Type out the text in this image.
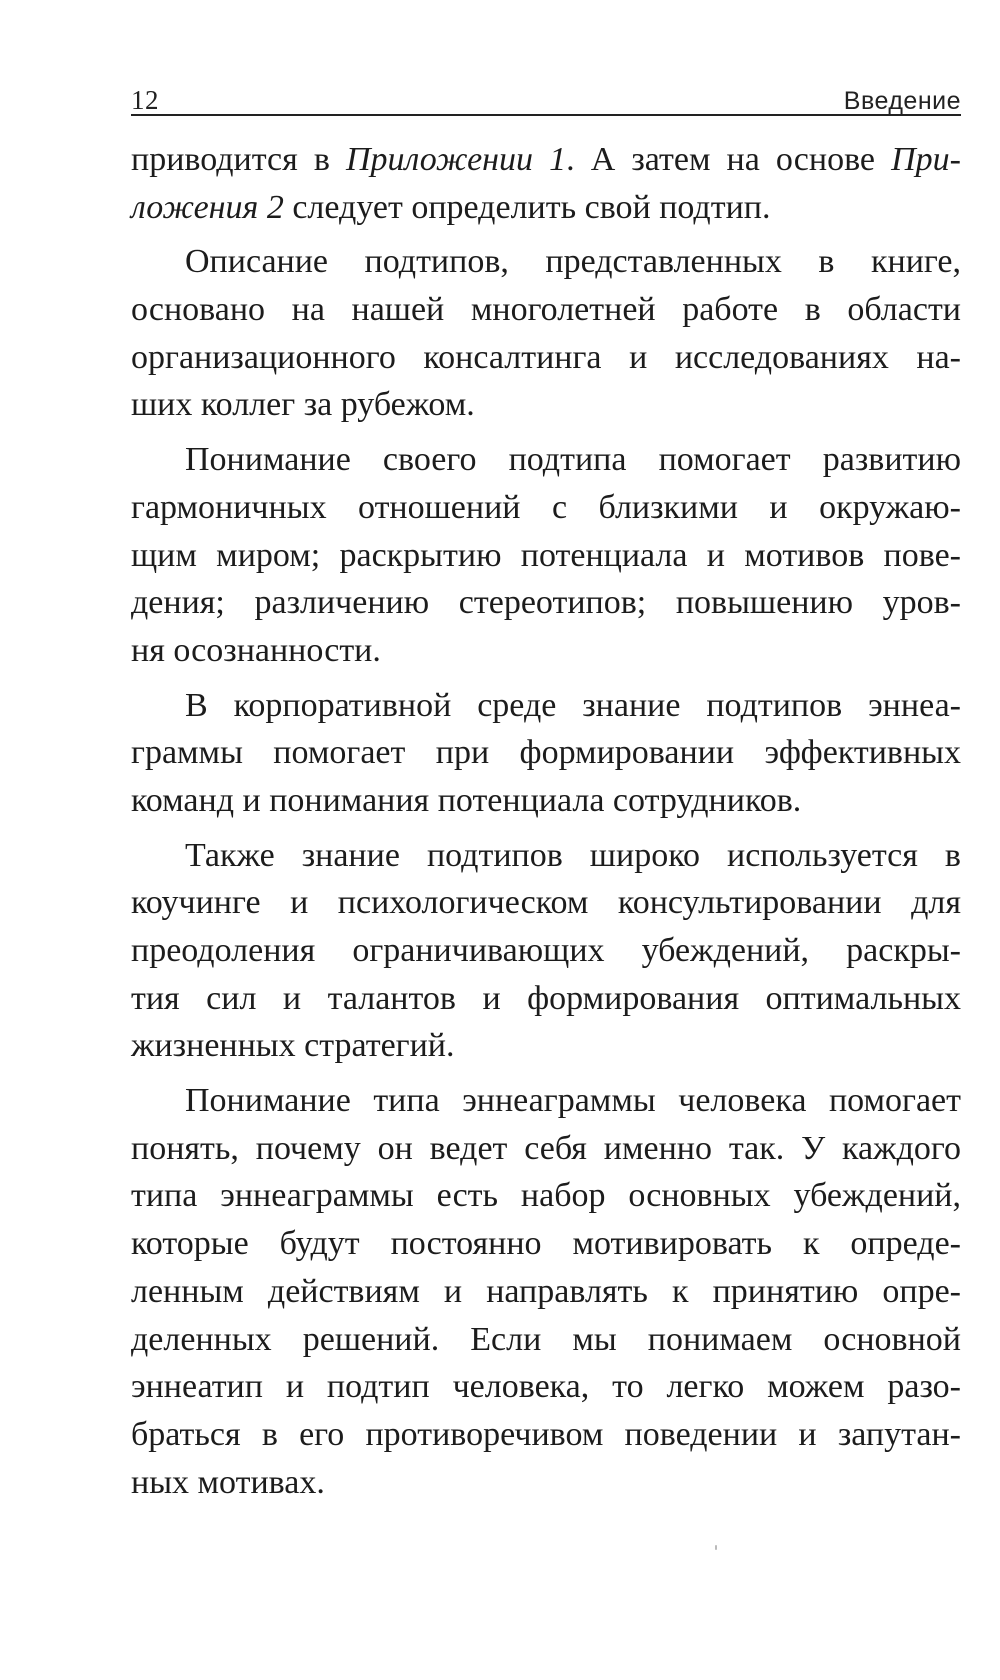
12	Введение

приводится в Приложении 1. А затем на основе При-
ложения 2 следует определить свой подтип.

Описание подтипов, представленных в книге,
основано на нашей многолетней работе в области
организационного консалтинга и исследованиях на-
ших коллег за рубежом.

Понимание своего подтипа помогает развитию
гармоничных отношений с близкими и окружаю-
щим миром; раскрытию потенциала и мотивов пове-
дения; различению стереотипов; повышению уров-
ня осознанности.

В корпоративной среде знание подтипов эннеа-
граммы помогает при формировании эффективных
команд и понимания потенциала сотрудников.

Также знание подтипов широко используется в
коучинге и психологическом консультировании для
преодоления ограничивающих убеждений, раскры-
тия сил и талантов и формирования оптимальных
жизненных стратегий.

Понимание типа эннеаграммы человека помогает
понять, почему он ведет себя именно так. У каждого
типа эннеаграммы есть набор основных убеждений,
которые будут постоянно мотивировать к опреде-
ленным действиям и направлять к принятию опре-
деленных решений. Если мы понимаем основной
эннеатип и подтип человека, то легко можем разо-
браться в его противоречивом поведении и запутан-
ных мотивах.
